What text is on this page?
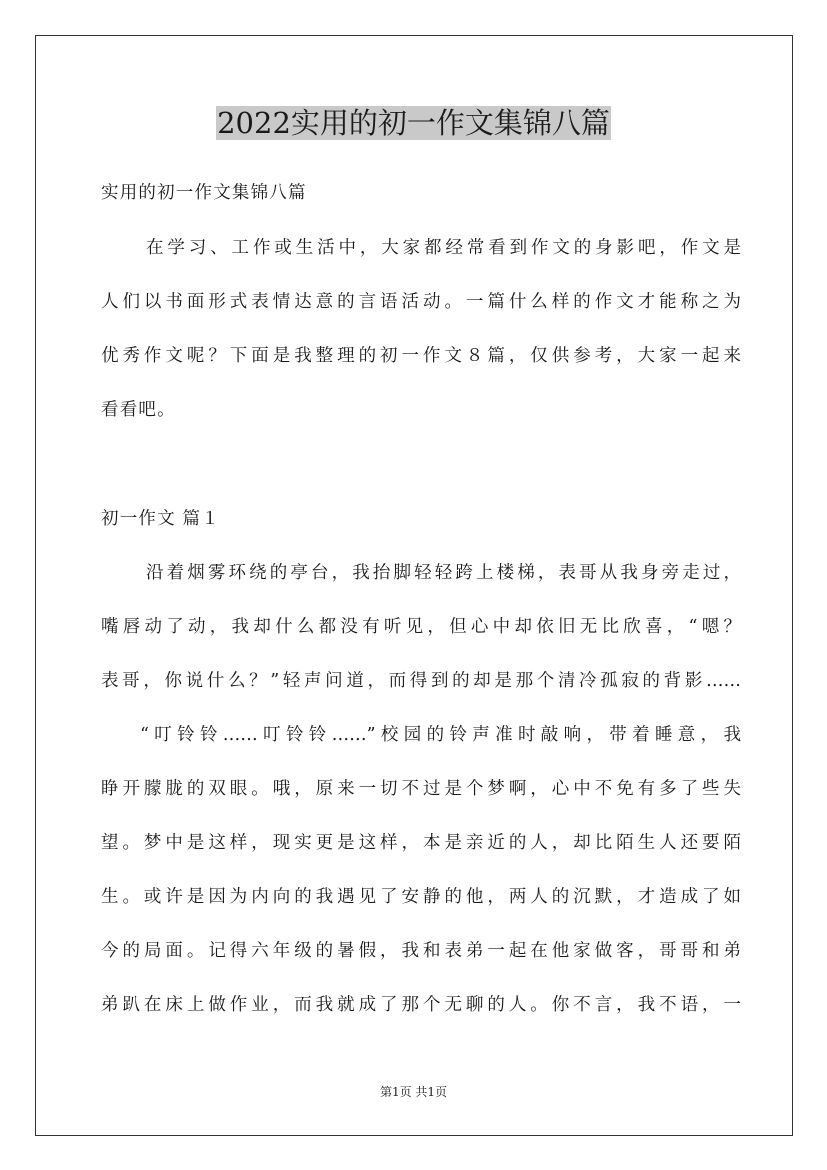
2022实用的初一作文集锦八篇

实用的初一作文集锦八篇

在学习、工作或生活中，大家都经常看到作文的身影吧，作文是

人们以书面形式表情达意的言语活动。一篇什么样的作文才能称之为

优秀作文呢？下面是我整理的初一作文８篇，仅供参考，大家一起来

看看吧。

初一作文 篇１

沿着烟雾环绕的亭台，我抬脚轻轻跨上楼梯，表哥从我身旁走过，

嘴唇动了动，我却什么都没有听见，但心中却依旧无比欣喜，“嗯？

表哥，你说什么？”轻声问道，而得到的却是那个清冷孤寂的背影……

“叮铃铃……叮铃铃……”校园的铃声准时敲响，带着睡意，我

睁开朦胧的双眼。哦，原来一切不过是个梦啊，心中不免有多了些失

望。梦中是这样，现实更是这样，本是亲近的人，却比陌生人还要陌

生。或许是因为内向的我遇见了安静的他，两人的沉默，才造成了如

今的局面。记得六年级的暑假，我和表弟一起在他家做客，哥哥和弟

弟趴在床上做作业，而我就成了那个无聊的人。你不言，我不语，一

第1页 共1页
